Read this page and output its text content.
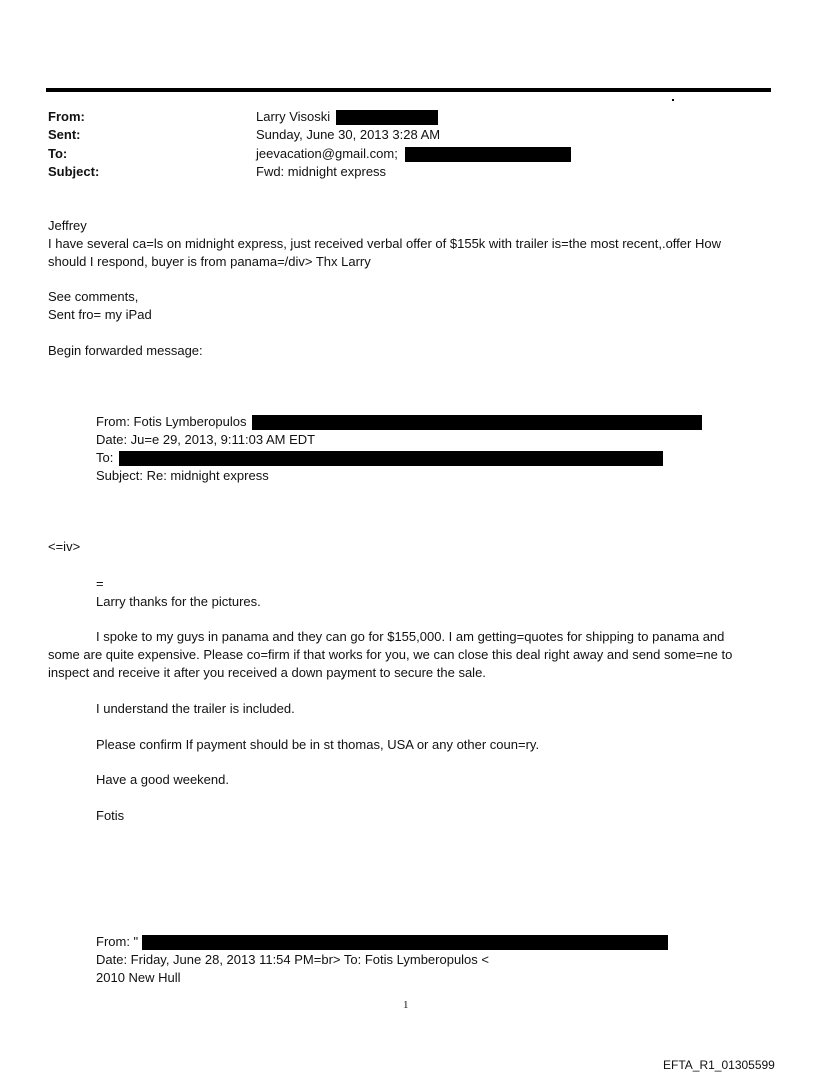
From:	Larry Visoski
Sent:	Sunday, June 30, 2013 3:28 AM
To:	jeevacation@gmail.com;
Subject:	Fwd: midnight express
Jeffrey
I have several ca=ls on midnight express, just received verbal offer of $155k with trailer is=the most recent,.offer How
should I respond, buyer is from panama=/div> Thx Larry
See comments,
Sent fro= my iPad
Begin forwarded message:
From: Fotis Lymberopulos
Date: Ju=e 29, 2013, 9:11:03 AM EDT
To:
Subject: Re: midnight express
<=iv>
=
Larry thanks for the pictures.
I spoke to my guys in panama and they can go for $155,000. I am getting=quotes for shipping to panama and
some are quite expensive. Please co=firm if that works for you, we can close this deal right away and send some=ne to
inspect and receive it after you received a down payment to secure the sale.
I understand the trailer is included.
Please confirm If payment should be in st thomas, USA or any other coun=ry.
Have a good weekend.
Fotis
From: "
Date: Friday, June 28, 2013 11:54 PM=br> To: Fotis Lymberopulos <
2010 New Hull
1
EFTA_R1_01305599
